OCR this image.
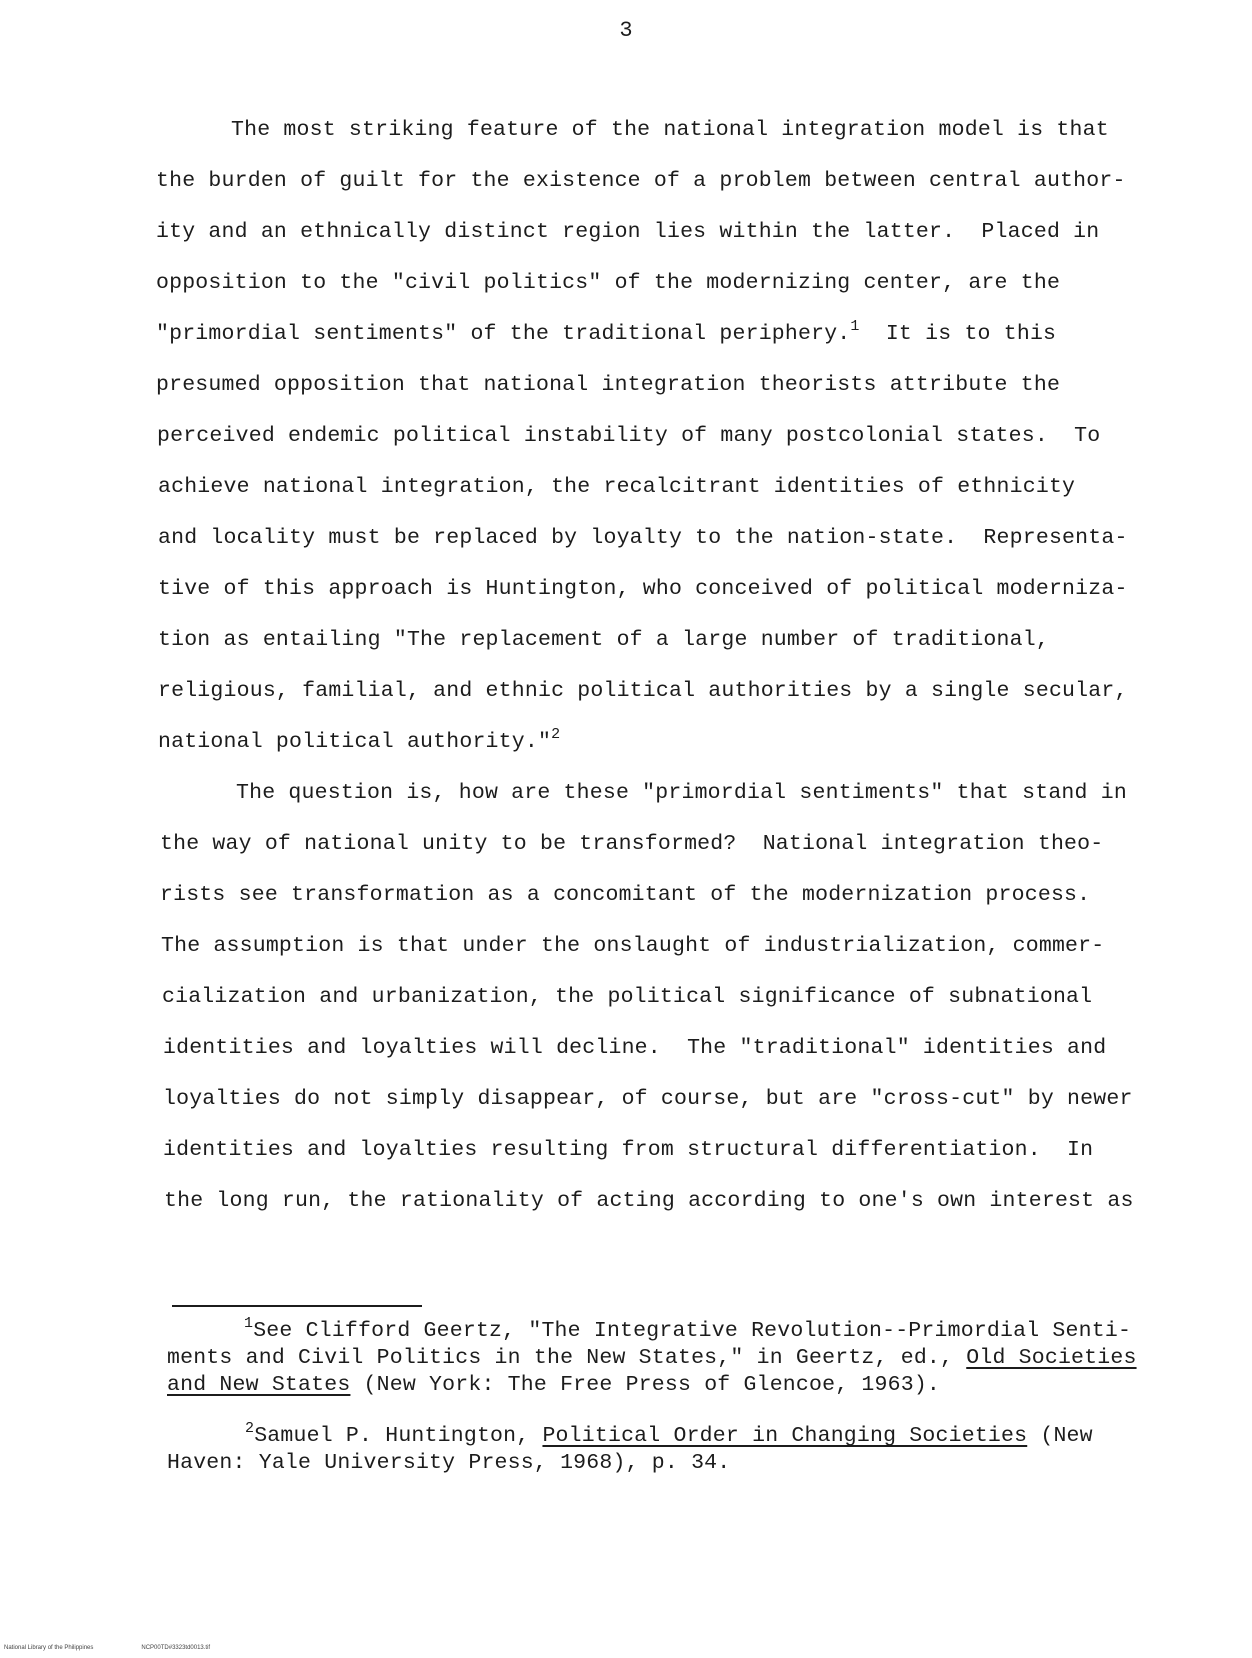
3
The most striking feature of the national integration model is that
the burden of guilt for the existence of a problem between central author-
ity and an ethnically distinct region lies within the latter.  Placed in
opposition to the "civil politics" of the modernizing center, are the
"primordial sentiments" of the traditional periphery.$^1$  It is to this
presumed opposition that national integration theorists attribute the
perceived endemic political instability of many postcolonial states.  To
achieve national integration, the recalcitrant identities of ethnicity
and locality must be replaced by loyalty to the nation-state.  Representa-
tive of this approach is Huntington, who conceived of political moderniza-
tion as entailing "The replacement of a large number of traditional,
religious, familial, and ethnic political authorities by a single secular,
national political authority."$^2$
The question is, how are these "primordial sentiments" that stand in
the way of national unity to be transformed?  National integration theo-
rists see transformation as a concomitant of the modernization process.
The assumption is that under the onslaught of industrialization, commer-
cialization and urbanization, the political significance of subnational
identities and loyalties will decline.  The "traditional" identities and
loyalties do not simply disappear, of course, but are "cross-cut" by newer
identities and loyalties resulting from structural differentiation.  In
the long run, the rationality of acting according to one's own interest as
$^1$See Clifford Geertz, "The Integrative Revolution--Primordial Senti-
ments and Civil Politics in the New States," in Geertz, ed., Old Societies
and New States (New York: The Free Press of Glencoe, 1963).
$^2$Samuel P. Huntington, Political Order in Changing Societies (New
Haven: Yale University Press, 1968), p. 34.
National Library of the Philippines	NCP00TD#3323td0013.tif
